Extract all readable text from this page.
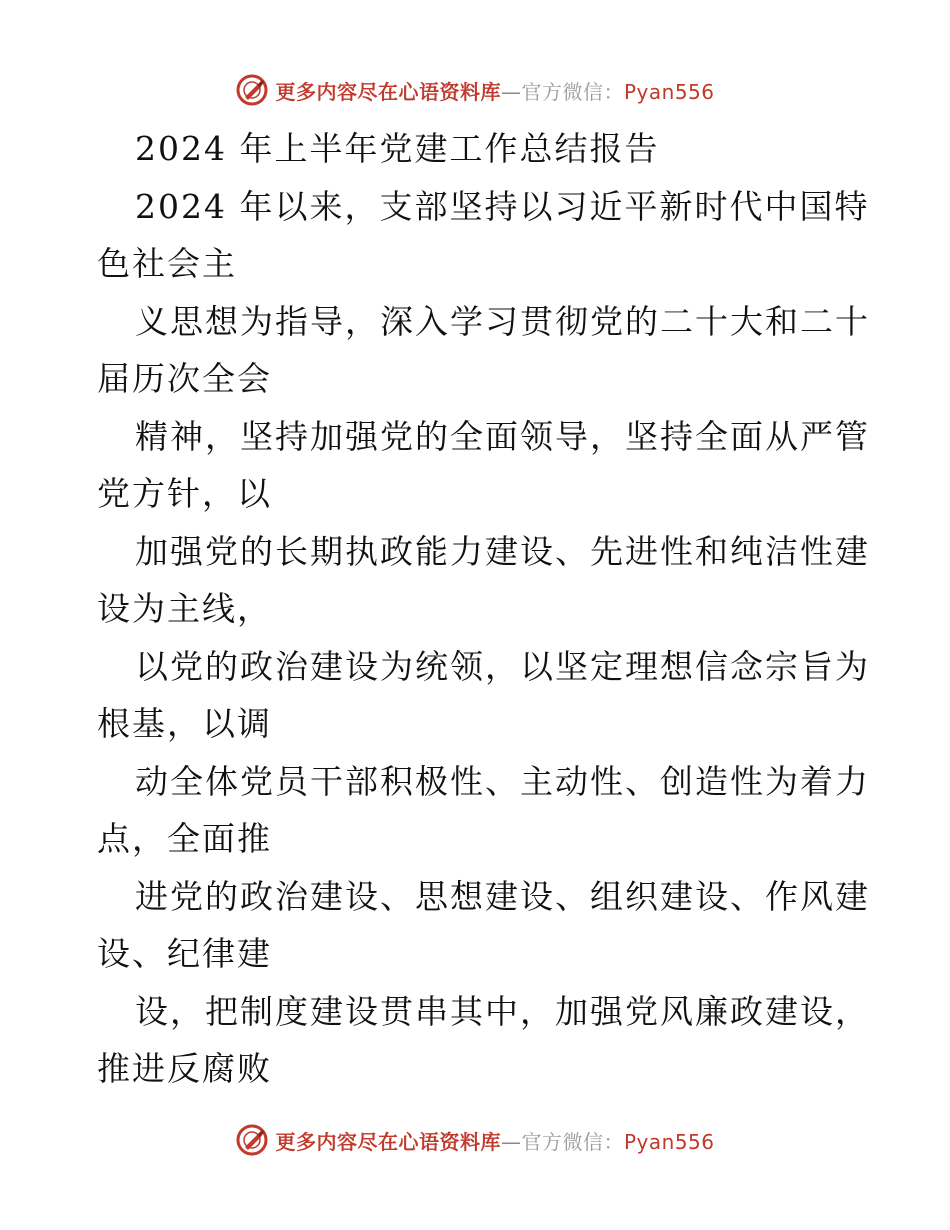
更多内容尽在心语资料库—官方微信：Pyan556
2024 年上半年党建工作总结报告
2024 年以来，支部坚持以习近平新时代中国特
色社会主
义思想为指导，深入学习贯彻党的二十大和二十
届历次全会
精神，坚持加强党的全面领导，坚持全面从严管
党方针，以
加强党的长期执政能力建设、先进性和纯洁性建
设为主线，
以党的政治建设为统领，以坚定理想信念宗旨为
根基，以调
动全体党员干部积极性、主动性、创造性为着力
点，全面推
进党的政治建设、思想建设、组织建设、作风建
设、纪律建
设，把制度建设贯串其中，加强党风廉政建设，
推进反腐败
更多内容尽在心语资料库—官方微信：Pyan556
